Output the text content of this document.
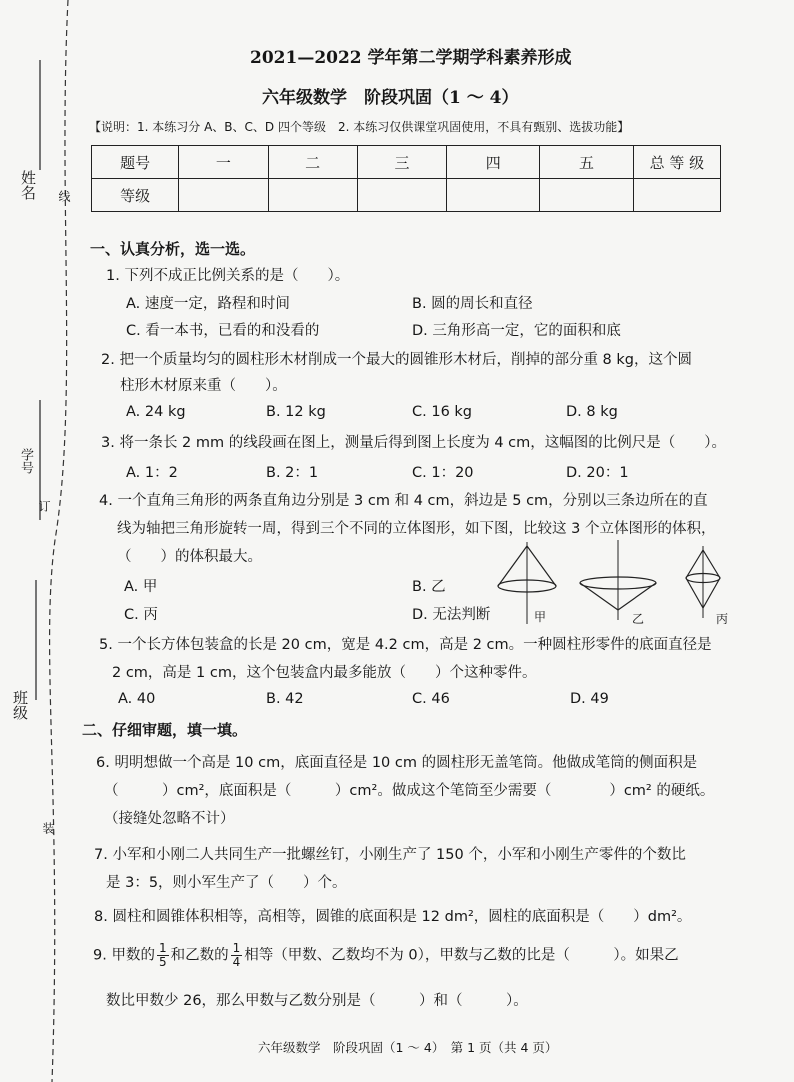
姓名
学号
班级
线
订
装
2021—2022 学年第二学期学科素养形成
六年级数学　阶段巩固（1 ～ 4）
【说明：1. 本练习分 A、B、C、D 四个等级　2. 本练习仅供课堂巩固使用，不具有甄别、选拔功能】
题号	一	二	三	四	五	总 等 级
等级						
一、认真分析，选一选。
1. 下列不成正比例关系的是（　　）。
A. 速度一定，路程和时间	B. 圆的周长和直径
C. 看一本书，已看的和没看的	D. 三角形高一定，它的面积和底
2. 把一个质量均匀的圆柱形木材削成一个最大的圆锥形木材后，削掉的部分重 8 kg，这个圆
柱形木材原来重（　　）。
A. 24 kg	B. 12 kg	C. 16 kg	D. 8 kg
3. 将一条长 2 mm 的线段画在图上，测量后得到图上长度为 4 cm，这幅图的比例尺是（　　）。
A. 1：2	B. 2：1	C. 1：20	D. 20：1
4. 一个直角三角形的两条直角边分别是 3 cm 和 4 cm，斜边是 5 cm，分别以三条边所在的直
线为轴把三角形旋转一周，得到三个不同的立体图形，如下图，比较这 3 个立体图形的体积，
（　　）的体积最大。
A. 甲	B. 乙
C. 丙	D. 无法判断	甲	乙	丙
5. 一个长方体包装盒的长是 20 cm，宽是 4.2 cm，高是 2 cm。一种圆柱形零件的底面直径是
2 cm，高是 1 cm，这个包装盒内最多能放（　　）个这种零件。
A. 40	B. 42	C. 46	D. 49
二、仔细审题，填一填。
6. 明明想做一个高是 10 cm，底面直径是 10 cm 的圆柱形无盖笔筒。他做成笔筒的侧面积是
（　　　）cm²，底面积是（　　　）cm²。做成这个笔筒至少需要（　　　　）cm² 的硬纸。
（接缝处忽略不计）
7. 小军和小刚二人共同生产一批螺丝钉，小刚生产了 150 个，小军和小刚生产零件的个数比
是 3：5，则小军生产了（　　）个。
8. 圆柱和圆锥体积相等，高相等，圆锥的底面积是 12 dm²，圆柱的底面积是（　　）dm²。
9. 甲数的 $\frac{1}{5}$ 和乙数的 $\frac{1}{4}$ 相等（甲数、乙数均不为 0），甲数与乙数的比是（　　　）。如果乙
数比甲数少 26，那么甲数与乙数分别是（　　　）和（　　　）。
六年级数学　阶段巩固（1 ～ 4）　第 1 页（共 4 页）
